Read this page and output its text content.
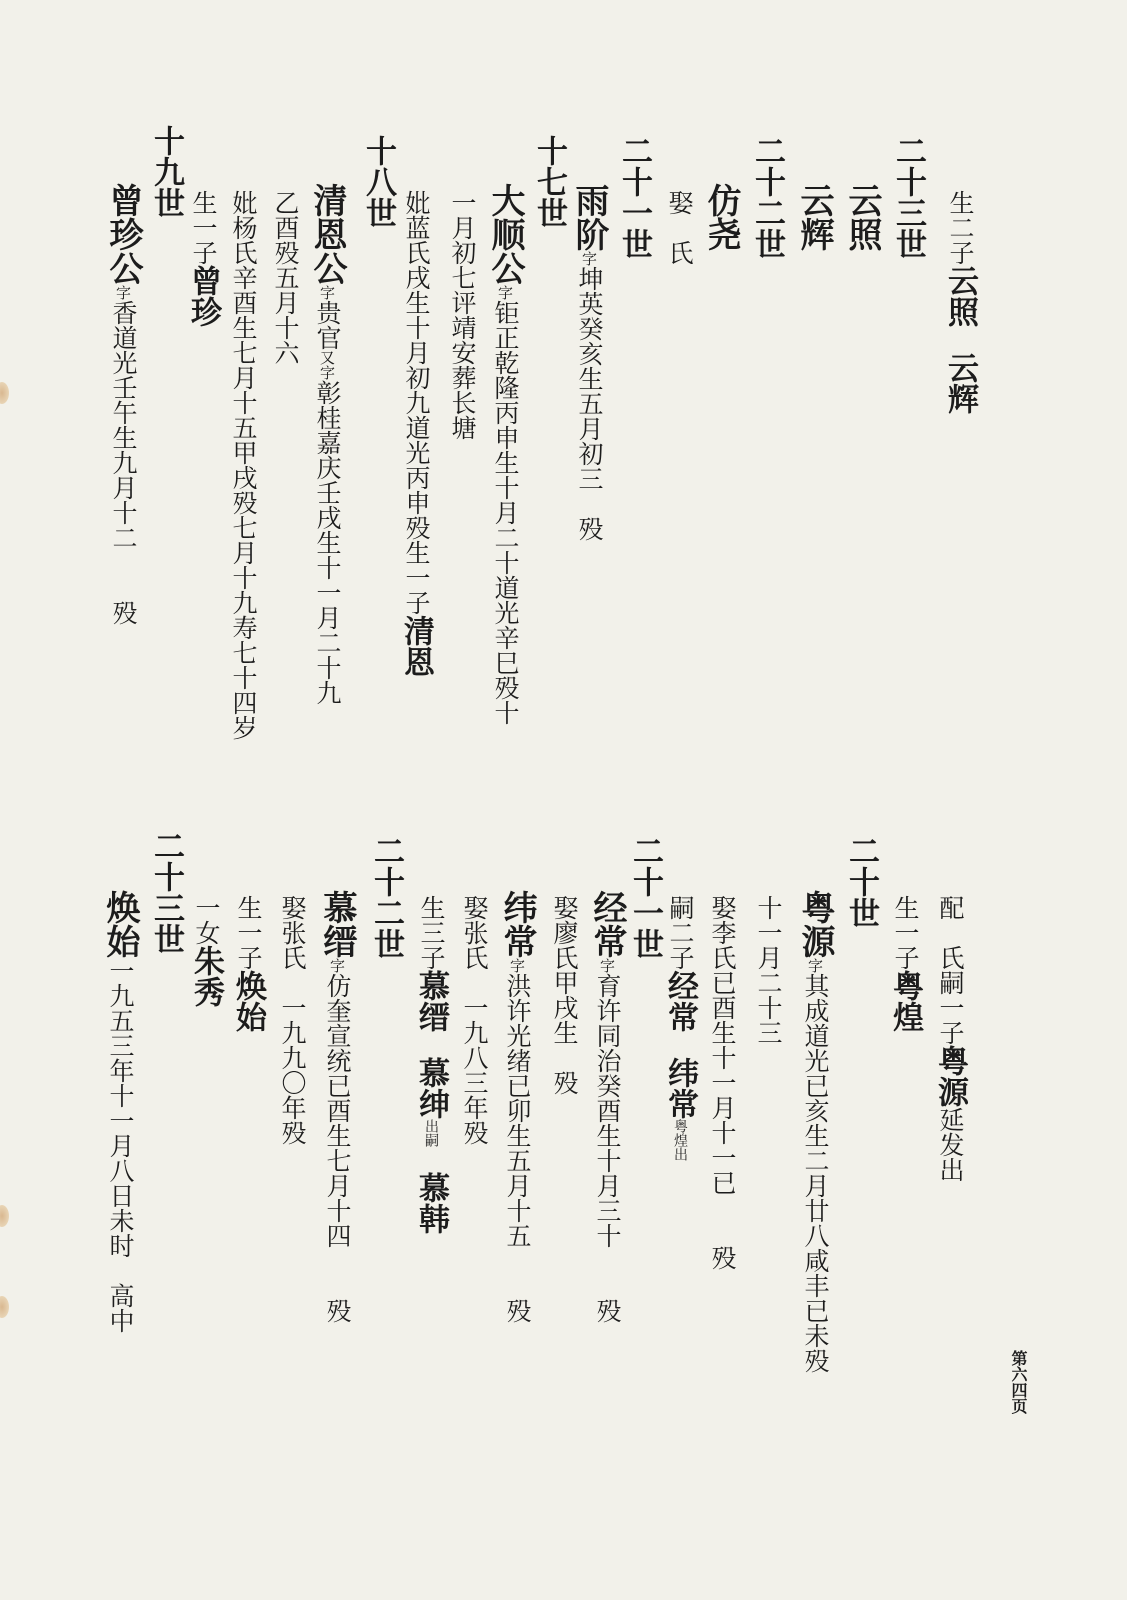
生二子云照　云辉
二十三世
云照
云辉
二十二世
仿尧
娶　氏
二十一世
雨阶字坤英癸亥生五月初三　殁
十七世
大顺公字钜正乾隆丙申生十月二十道光辛巳殁十
一月初七评靖安葬长塘
妣蓝氏戌生十月初九道光丙申殁生一子清恩
十八世
清恩公字贵官又字彰桂嘉庆壬戌生十一月二十九
乙酉殁五月十六
妣杨氏辛酉生七月十五甲戌殁七月十九寿七十四岁
生一子曾珍
十九世
曾珍公字香道光壬午生九月十二　　殁
配　氏嗣一子粤源延发出
生一子粤煌
二十世
粤源字其成道光已亥生二月廿八咸丰已未殁
十一月二十三
娶李氏已酉生十一月十一已　　殁
嗣二子经常　纬常粤煌出
二十一世
经常字育许同治癸酉生十月三十　　殁
娶廖氏甲戌生　殁
纬常字洪许光绪已卯生五月十五　　殁
娶张氏　一九八三年殁
生三子慕缙　慕绅出嗣　慕韩
二十二世
慕缙字仿奎宣统已酉生七月十四　　殁
娶张氏　一九九〇年殁
生一子焕始
一女朱秀
二十三世
焕始一九五三年十一月八日未时　高中
第六四页
